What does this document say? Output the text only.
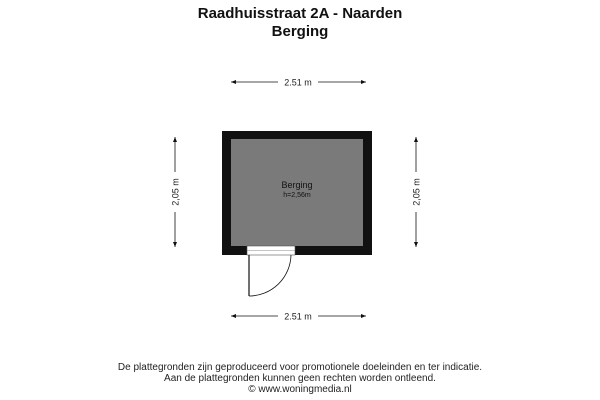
Raadhuisstraat 2A - Naarden
Berging
2.51 m
2.51 m
2,05 m	2,05 m
Berging
h=2,56m
De plattegronden zijn geproduceerd voor promotionele doeleinden en ter indicatie.
Aan de plattegronden kunnen geen rechten worden ontleend.
© www.woningmedia.nl
